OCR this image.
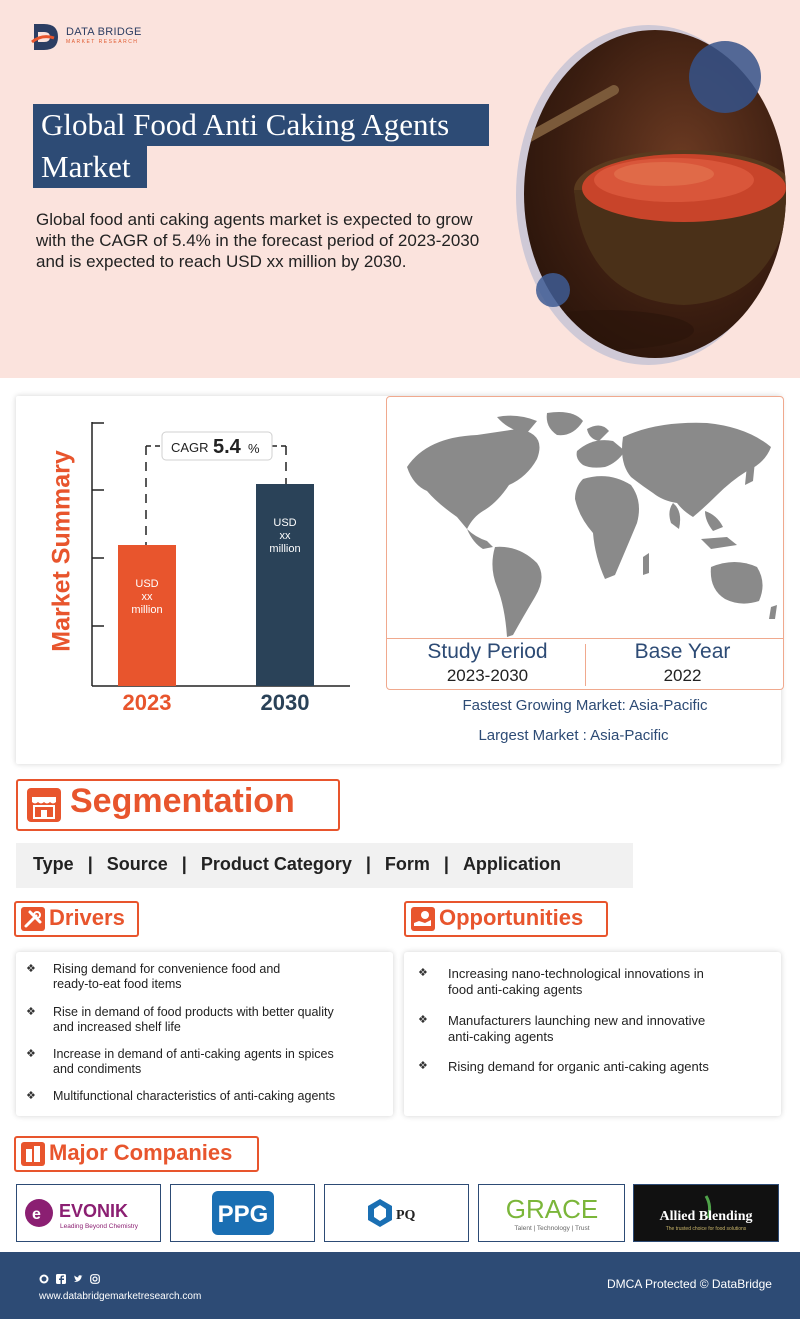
DATA BRIDGE
MARKET RESEARCH
Global Food Anti Caking Agents
Market

Global food anti caking agents market is expected to grow with the CAGR of 5.4% in the forecast period of 2023-2030 and is expected to reach USD xx million by 2030.

Market Summary
CAGR 5.4 %
USD
xx
million
USD
xx
million
2023	2030
Study Period
2023-2030
Base Year
2022
Fastest Growing Market: Asia-Pacific
Largest Market : Asia-Pacific
Segmentation
Type | Source | Product Category | Form | Application
Drivers
❖ Rising demand for convenience food and
ready-to-eat food items
❖ Rise in demand of food products with better quality
and increased shelf life
❖ Increase in demand of anti-caking agents in spices
and condiments
❖ Multifunctional characteristics of anti-caking agents
Opportunities
❖ Increasing nano-technological innovations in
food anti-caking agents
❖ Manufacturers launching new and innovative
anti-caking agents
❖ Rising demand for organic anti-caking agents
Major Companies
e EVONIK
Leading Beyond Chemistry	PPG	PQ	GRACE
Talent | Technology | Trust
Allied Blending
The trusted choice for food solutions
www.databridgemarketresearch.com
DMCA Protected © DataBridge
